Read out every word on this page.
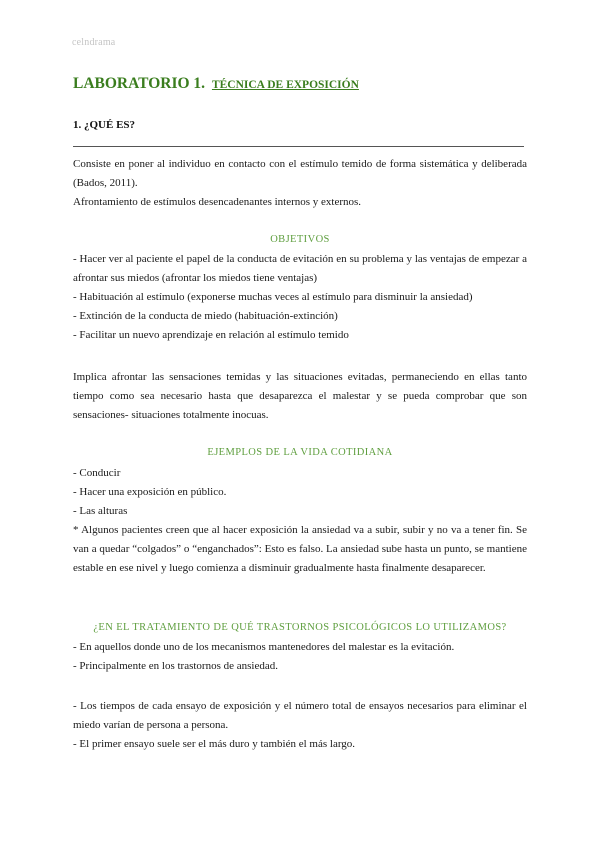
celndrama
LABORATORIO 1. TÉCNICA DE EXPOSICIÓN
1. ¿QUÉ ES?

Consiste en poner al individuo en contacto con el estímulo temido de forma sistemática y deliberada (Bados, 2011).

Afrontamiento de estímulos desencadenantes internos y externos.

OBJETIVOS

- Hacer ver al paciente el papel de la conducta de evitación en su problema y las ventajas de empezar a afrontar sus miedos (afrontar los miedos tiene ventajas)

- Habituación al estímulo (exponerse muchas veces al estímulo para disminuir la ansiedad)

- Extinción de la conducta de miedo (habituación-extinción)

- Facilitar un nuevo aprendizaje en relación al estímulo temido

Implica afrontar las sensaciones temidas y las situaciones evitadas, permaneciendo en ellas tanto tiempo como sea necesario hasta que desaparezca el malestar y se pueda comprobar que son sensaciones- situaciones totalmente inocuas.
EJEMPLOS DE LA VIDA COTIDIANA

- Conducir

- Hacer una exposición en público.

- Las alturas

* Algunos pacientes creen que al hacer exposición la ansiedad va a subir, subir y no va a tener fin. Se van a quedar “colgados” o “enganchados”: Esto es falso. La ansiedad sube hasta un punto, se mantiene estable en ese nivel y luego comienza a disminuir gradualmente hasta finalmente desaparecer.

¿EN EL TRATAMIENTO DE QUÉ TRASTORNOS PSICOLÓGICOS LO UTILIZAMOS?

- En aquellos donde uno de los mecanismos mantenedores del malestar es la evitación.

- Principalmente en los trastornos de ansiedad.

- Los tiempos de cada ensayo de exposición y el número total de ensayos necesarios para eliminar el miedo varían de persona a persona.

- El primer ensayo suele ser el más duro y también el más largo.
